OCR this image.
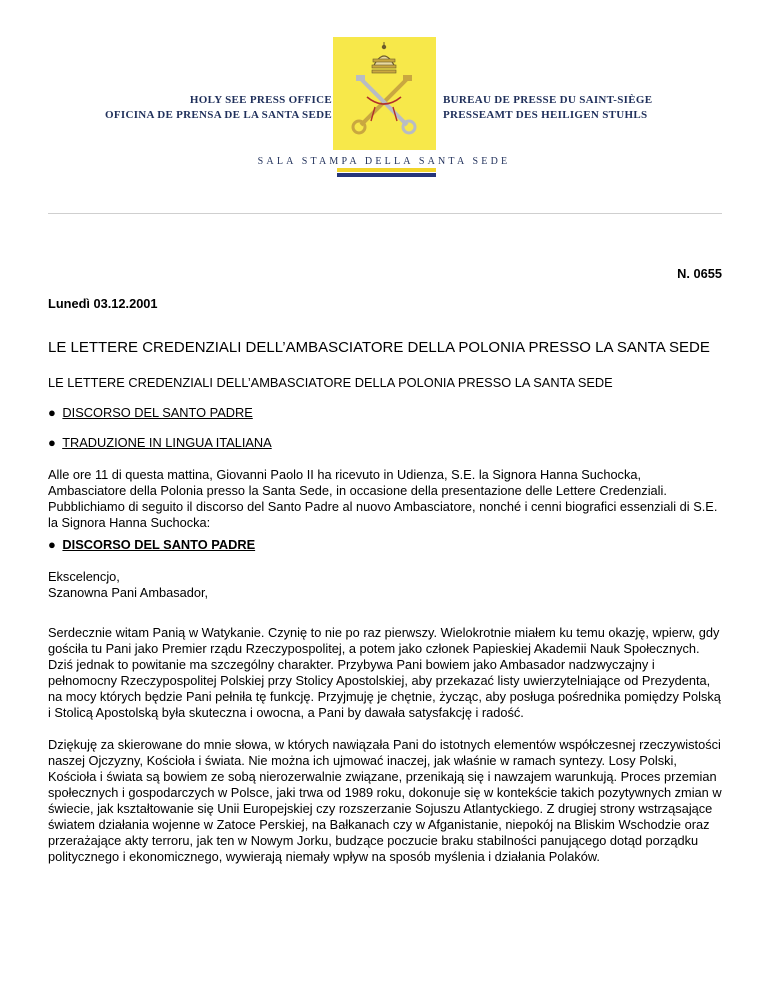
HOLY SEE PRESS OFFICE
OFICINA DE PRENSA DE LA SANTA SEDE
BUREAU DE PRESSE DU SAINT-SIÈGE
PRESSEAMT DES HEILIGEN STUHLS
SALA STAMPA DELLA SANTA SEDE
N. 0655
Lunedì 03.12.2001
LE LETTERE CREDENZIALI DELL’AMBASCIATORE DELLA POLONIA PRESSO LA SANTA SEDE
LE LETTERE CREDENZIALI DELL’AMBASCIATORE DELLA POLONIA PRESSO LA SANTA SEDE
● DISCORSO DEL SANTO PADRE
● TRADUZIONE IN LINGUA ITALIANA
Alle ore 11 di questa mattina, Giovanni Paolo II ha ricevuto in Udienza, S.E. la Signora Hanna Suchocka, Ambasciatore della Polonia presso la Santa Sede, in occasione della presentazione delle Lettere Credenziali. Pubblichiamo di seguito il discorso del Santo Padre al nuovo Ambasciatore, nonché i cenni biografici essenziali di S.E. la Signora Hanna Suchocka:
● DISCORSO DEL SANTO PADRE
Ekscelencjo,
Szanowna Pani Ambasador,
Serdecznie witam Panią w Watykanie. Czynię to nie po raz pierwszy. Wielokrotnie miałem ku temu okazję, wpierw, gdy gościła tu Pani jako Premier rządu Rzeczypospolitej, a potem jako członek Papieskiej Akademii Nauk Społecznych. Dziś jednak to powitanie ma szczególny charakter. Przybywa Pani bowiem jako Ambasador nadzwyczajny i pełnomocny Rzeczypospolitej Polskiej przy Stolicy Apostolskiej, aby przekazać listy uwierzytelniające od Prezydenta, na mocy których będzie Pani pełniła tę funkcję. Przyjmuję je chętnie, życząc, aby posługa pośrednika pomiędzy Polską i Stolicą Apostolską była skuteczna i owocna, a Pani by dawała satysfakcję i radość.
Dziękuję za skierowane do mnie słowa, w których nawiązała Pani do istotnych elementów współczesnej rzeczywistości naszej Ojczyzny, Kościoła i świata. Nie można ich ujmować inaczej, jak właśnie w ramach syntezy. Losy Polski, Kościoła i świata są bowiem ze sobą nierozerwalnie związane, przenikają się i nawzajem warunkują. Proces przemian społecznych i gospodarczych w Polsce, jaki trwa od 1989 roku, dokonuje się w kontekście takich pozytywnych zmian w świecie, jak kształtowanie się Unii Europejskiej czy rozszerzanie Sojuszu Atlantyckiego. Z drugiej strony wstrząsające światem działania wojenne w Zatoce Perskiej, na Bałkanach czy w Afganistanie, niepokój na Bliskim Wschodzie oraz przerażające akty terroru, jak ten w Nowym Jorku, budzące poczucie braku stabilności panującego dotąd porządku politycznego i ekonomicznego, wywierają niemały wpływ na sposób myślenia i działania Polaków.
